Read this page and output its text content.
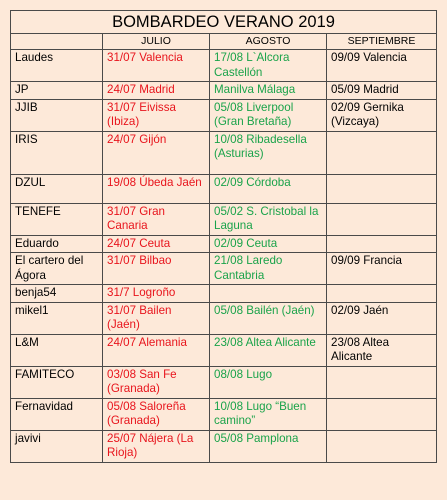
BOMBARDEO VERANO 2019			
	JULIO	AGOSTO	SEPTIEMBRE
Laudes	31/07 Valencia	17/08 L`Alcora Castellón	09/09 Valencia
JP	24/07 Madrid	Manilva Málaga	05/09 Madrid
JJIB	31/07 Eivissa (Ibiza)	05/08 Liverpool (Gran Bretaña)	02/09 Gernika (Vizcaya)
IRIS	24/07 Gijón	10/08 Ribadesella (Asturias)	
DZUL	19/08 Úbeda Jaén	02/09 Córdoba	
TENEFE	31/07 Gran Canaria	05/02 S. Cristobal la Laguna	
Eduardo	24/07 Ceuta	02/09 Ceuta	
El cartero del Ágora	31/07 Bilbao	21/08 Laredo Cantabria	09/09 Francia
benja54	31/7 Logroño		
mikel1	31/07 Bailen (Jaén)	05/08 Bailén (Jaén)	02/09 Jaén
L&M	24/07 Alemania	23/08 Altea Alicante	23/08 Altea Alicante
FAMITECO	03/08 San Fe (Granada)	08/08 Lugo	
Fernavidad	05/08 Saloreña (Granada)	10/08 Lugo “Buen camino”	
javivi	25/07 Nájera (La Rioja)	05/08 Pamplona	
